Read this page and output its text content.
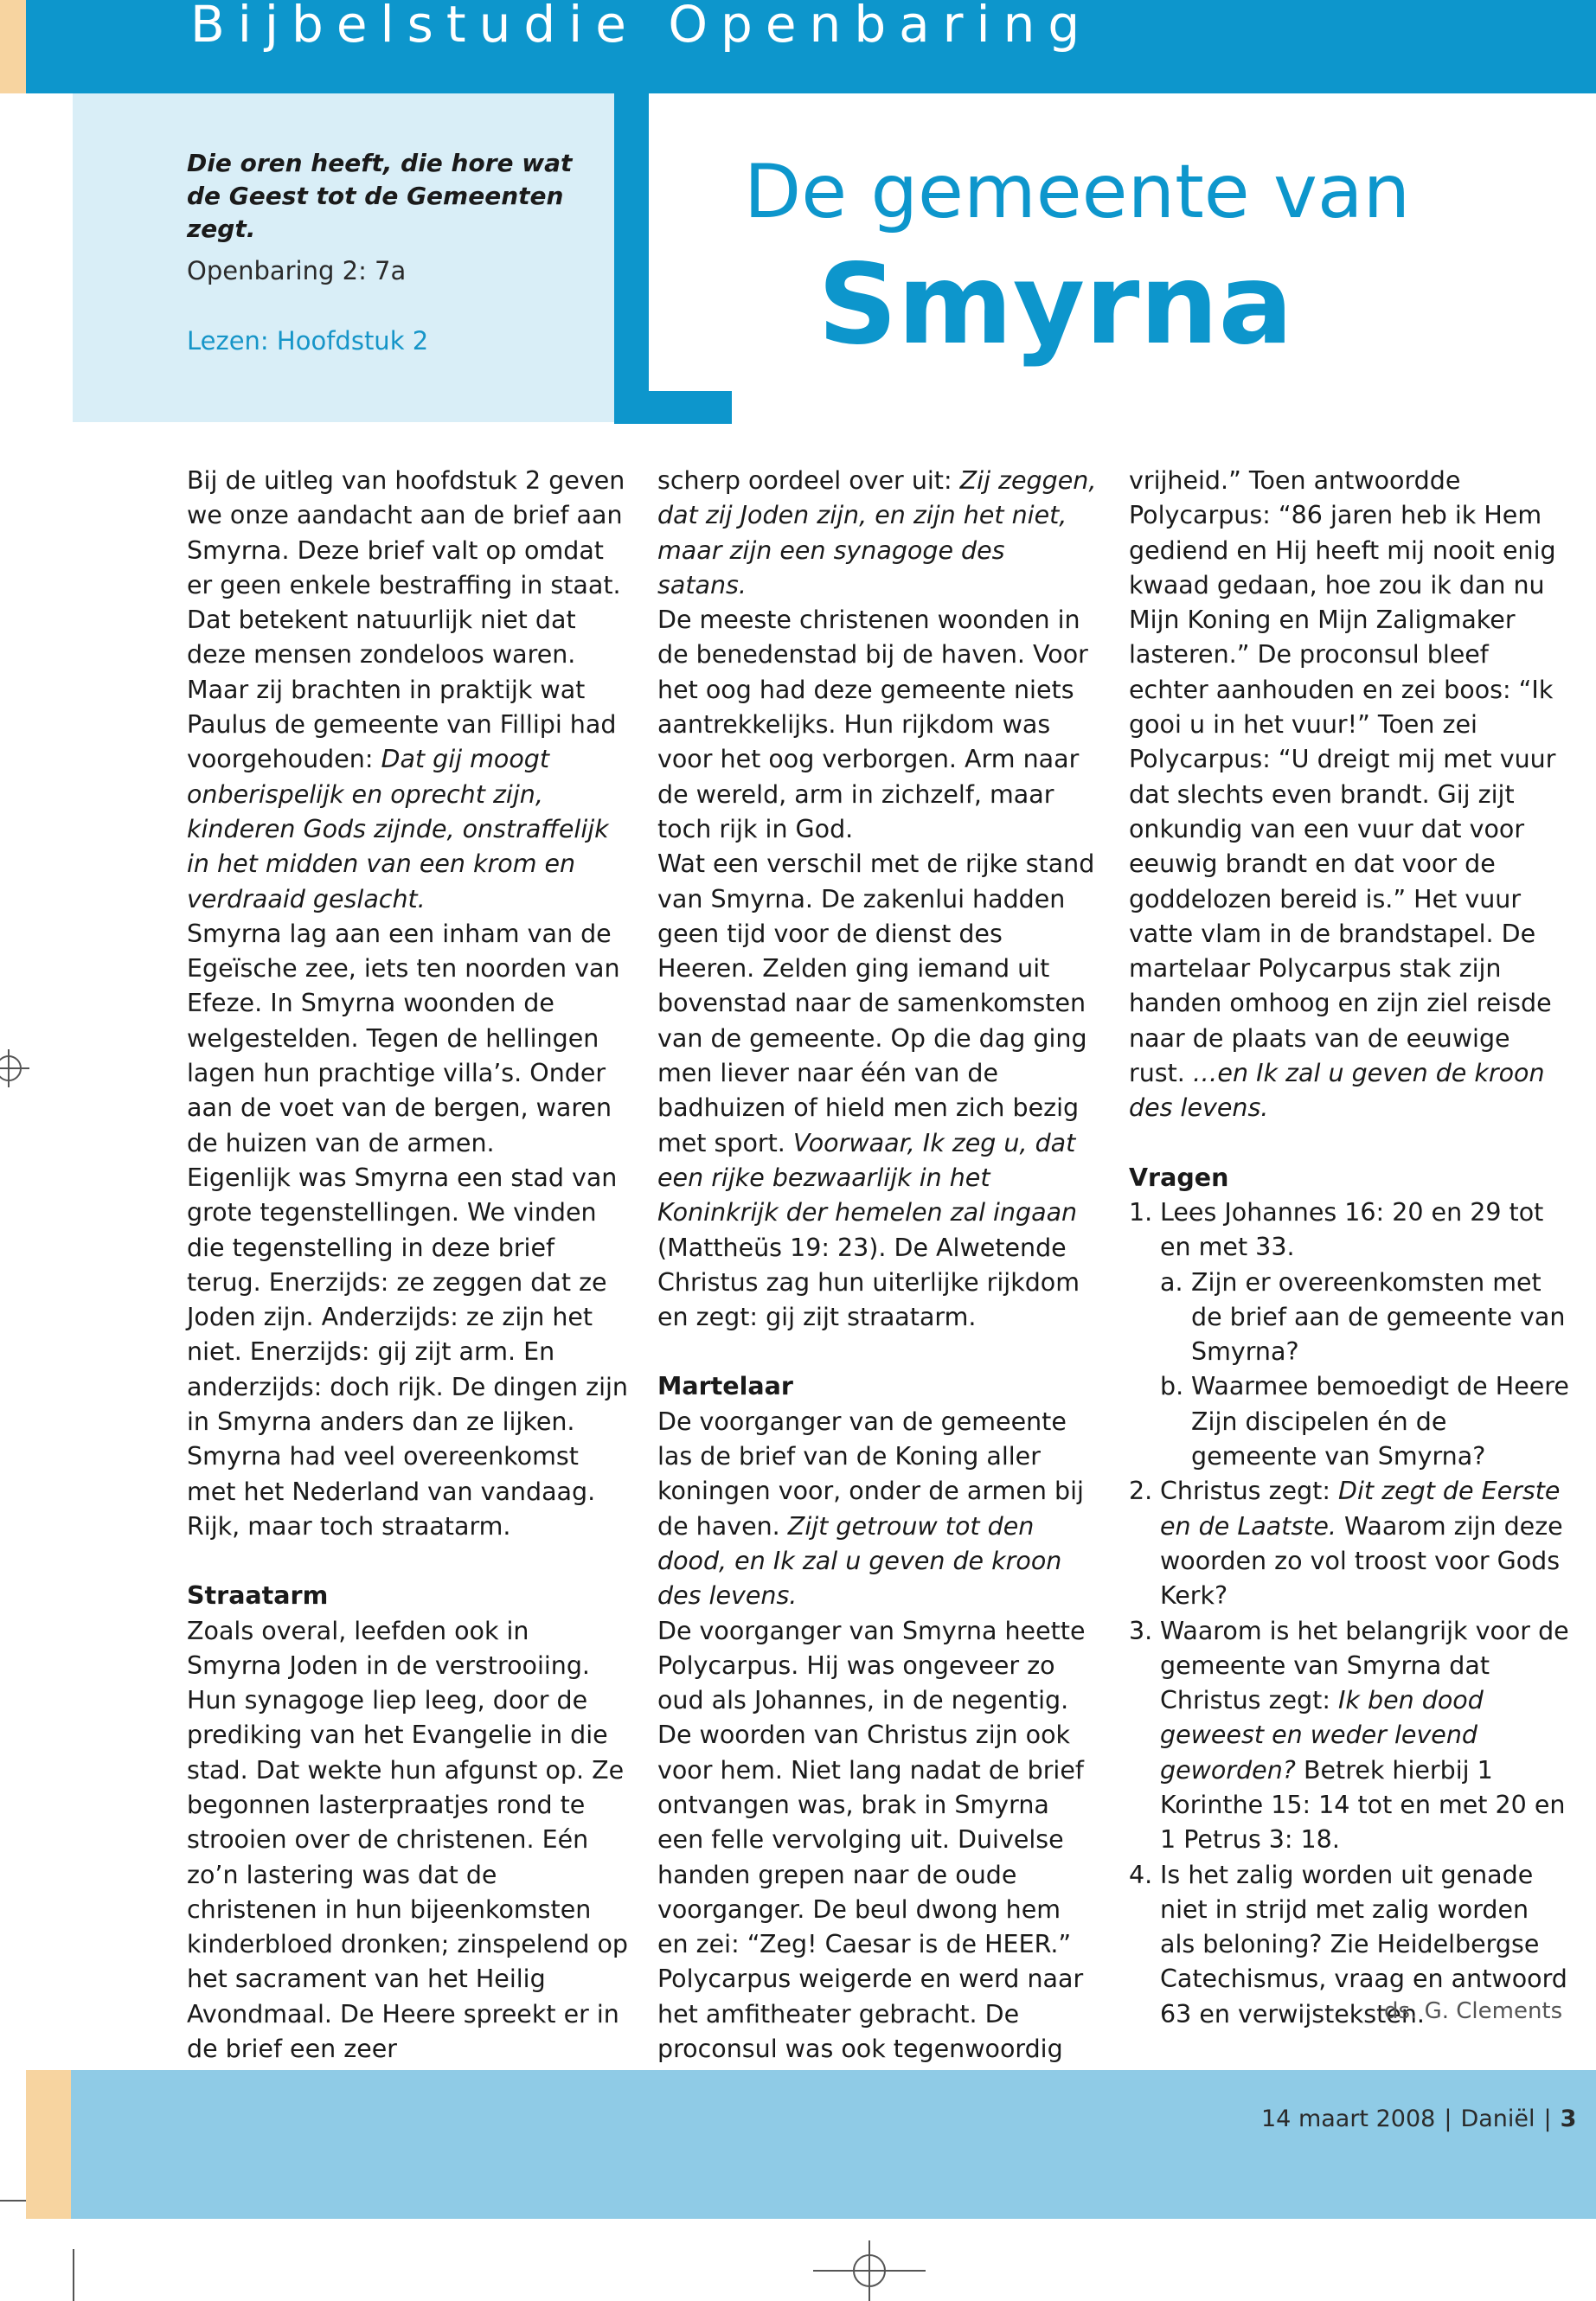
Bijbelstudie Openbaring
Die oren heeft, die hore wat de Geest tot de Gemeenten zegt.
Openbaring 2: 7a
Lezen: Hoofdstuk 2
De gemeente van
Smyrna

Bij de uitleg van hoofdstuk 2 geven we onze aandacht aan de brief aan Smyrna. Deze brief valt op omdat er geen enkele bestraffing in staat. Dat betekent natuurlijk niet dat deze mensen zondeloos waren. Maar zij brachten in praktijk wat Paulus de gemeente van Fillipi had voorgehouden: Dat gij moogt onberispelijk en oprecht zijn, kinderen Gods zijnde, onstraffelijk in het midden van een krom en verdraaid geslacht.

Smyrna lag aan een inham van de Egeïsche zee, iets ten noorden van Efeze. In Smyrna woonden de welgestelden. Tegen de hellingen lagen hun prachtige villa’s. Onder aan de voet van de bergen, waren de huizen van de armen.

Eigenlijk was Smyrna een stad van grote tegenstellingen. We vinden die tegenstelling in deze brief terug. Enerzijds: ze zeggen dat ze Joden zijn. Anderzijds: ze zijn het niet. Enerzijds: gij zijt arm. En anderzijds: doch rijk. De dingen zijn in Smyrna anders dan ze lijken.

Smyrna had veel overeenkomst met het Nederland van vandaag. Rijk, maar toch straatarm.

Straatarm

Zoals overal, leefden ook in Smyrna Joden in de verstrooiing. Hun synagoge liep leeg, door de prediking van het Evangelie in die stad. Dat wekte hun afgunst op. Ze begonnen lasterpraatjes rond te strooien over de christenen. Eén zo’n lastering was dat de christenen in hun bijeenkomsten kinderbloed dronken; zinspelend op het sacrament van het Heilig Avondmaal. De Heere spreekt er in de brief een zeer

scherp oordeel over uit: Zij zeggen, dat zij Joden zijn, en zijn het niet, maar zijn een synagoge des satans.

De meeste christenen woonden in de benedenstad bij de haven. Voor het oog had deze gemeente niets aantrekkelijks. Hun rijkdom was voor het oog verborgen. Arm naar de wereld, arm in zichzelf, maar toch rijk in God.

Wat een verschil met de rijke stand van Smyrna. De zakenlui hadden geen tijd voor de dienst des Heeren. Zelden ging iemand uit bovenstad naar de samenkomsten van de gemeente. Op die dag ging men liever naar één van de badhuizen of hield men zich bezig met sport. Voorwaar, Ik zeg u, dat een rijke bezwaarlijk in het Koninkrijk der hemelen zal ingaan (Mattheüs 19: 23). De Alwetende Christus zag hun uiterlijke rijkdom en zegt: gij zijt straatarm.

Martelaar

De voorganger van de gemeente las de brief van de Koning aller koningen voor, onder de armen bij de haven. Zijt getrouw tot den dood, en Ik zal u geven de kroon des levens.

De voorganger van Smyrna heette Polycarpus. Hij was ongeveer zo oud als Johannes, in de negentig. De woorden van Christus zijn ook voor hem. Niet lang nadat de brief ontvangen was, brak in Smyrna een felle vervolging uit. Duivelse handen grepen naar de oude voorganger. De beul dwong hem en zei: “Zeg! Caesar is de HEER.” Polycarpus weigerde en werd naar het amfitheater gebracht. De proconsul was ook tegenwoordig

vrijheid.” Toen antwoordde Polycarpus: “86 jaren heb ik Hem gediend en Hij heeft mij nooit enig kwaad gedaan, hoe zou ik dan nu Mijn Koning en Mijn Zaligmaker lasteren.” De proconsul bleef echter aanhouden en zei boos: “Ik gooi u in het vuur!” Toen zei Polycarpus: “U dreigt mij met vuur dat slechts even brandt. Gij zijt onkundig van een vuur dat voor eeuwig brandt en dat voor de goddelozen bereid is.” Het vuur vatte vlam in de brandstapel. De martelaar Polycarpus stak zijn handen omhoog en zijn ziel reisde naar de plaats van de eeuwige rust. …en Ik zal u geven de kroon des levens.

Vragen
1. Lees Johannes 16: 20 en 29 tot en met 33.
a. Zijn er overeenkomsten met de brief aan de gemeente van Smyrna?
b. Waarmee bemoedigt de Heere Zijn discipelen én de gemeente van Smyrna?
2. Christus zegt: Dit zegt de Eerste en de Laatste. Waarom zijn deze woorden zo vol troost voor Gods Kerk?
3. Waarom is het belangrijk voor de gemeente van Smyrna dat Christus zegt: Ik ben dood geweest en weder levend geworden? Betrek hierbij 1 Korinthe 15: 14 tot en met 20 en 1 Petrus 3: 18.
4. Is het zalig worden uit genade niet in strijd met zalig worden als beloning? Zie Heidelbergse Catechismus, vraag en antwoord 63 en verwijsteksten.
ds. G. Clements
14 maart 2008 | Daniël | 3
